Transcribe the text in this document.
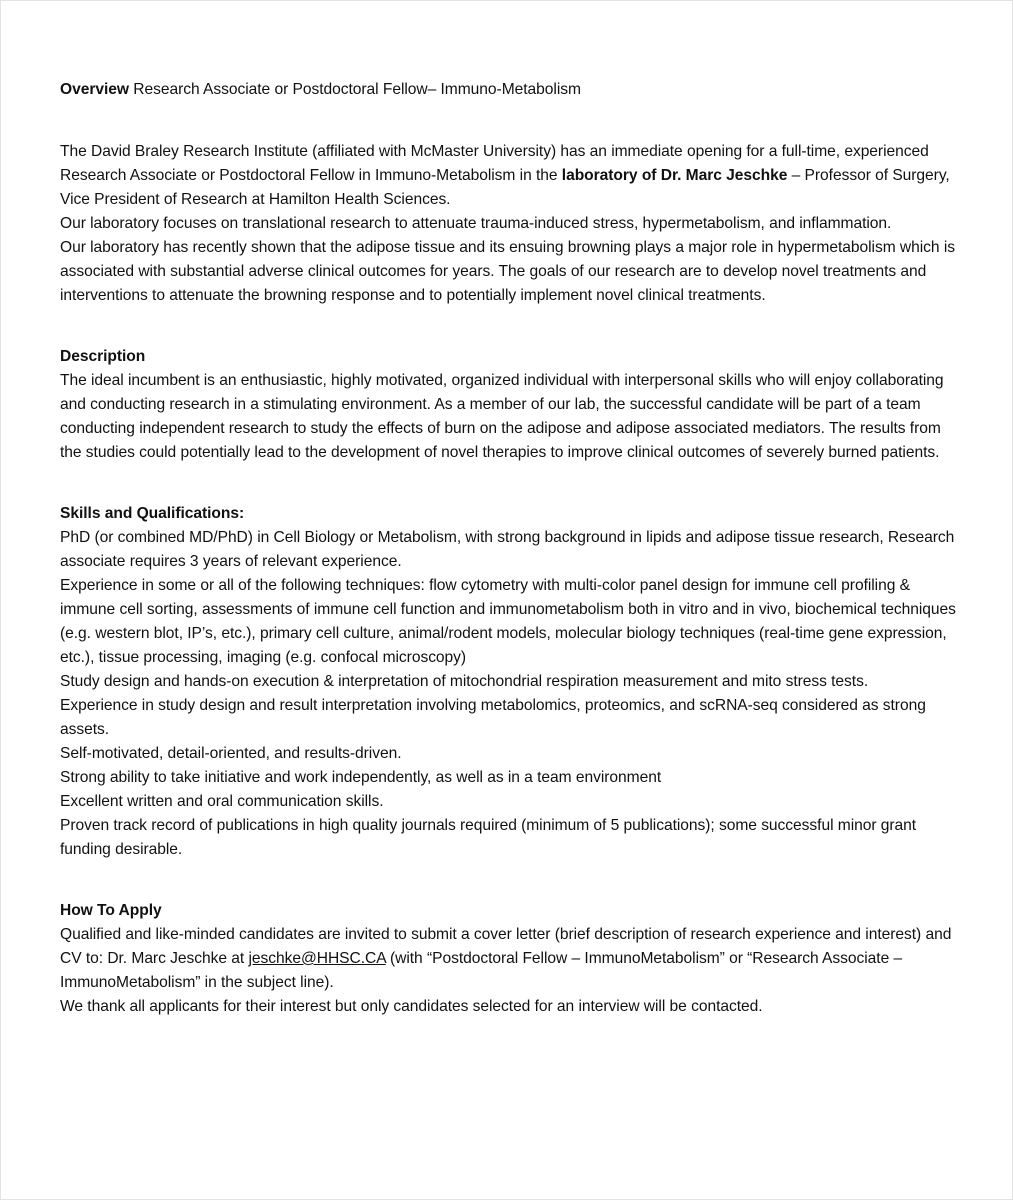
Overview Research Associate or Postdoctoral Fellow– Immuno-Metabolism

The David Braley Research Institute (affiliated with McMaster University) has an immediate opening for a full-time, experienced Research Associate or Postdoctoral Fellow in Immuno-Metabolism in the laboratory of Dr. Marc Jeschke – Professor of Surgery, Vice President of Research at Hamilton Health Sciences.

Our laboratory focuses on translational research to attenuate trauma-induced stress, hypermetabolism, and inflammation.

Our laboratory has recently shown that the adipose tissue and its ensuing browning plays a major role in hypermetabolism which is associated with substantial adverse clinical outcomes for years. The goals of our research are to develop novel treatments and interventions to attenuate the browning response and to potentially implement novel clinical treatments.

Description

The ideal incumbent is an enthusiastic, highly motivated, organized individual with interpersonal skills who will enjoy collaborating and conducting research in a stimulating environment. As a member of our lab, the successful candidate will be part of a team conducting independent research to study the effects of burn on the adipose and adipose associated mediators. The results from the studies could potentially lead to the development of novel therapies to improve clinical outcomes of severely burned patients.

Skills and Qualifications:

PhD (or combined MD/PhD) in Cell Biology or Metabolism, with strong background in lipids and adipose tissue research, Research associate requires 3 years of relevant experience.

Experience in some or all of the following techniques: flow cytometry with multi-color panel design for immune cell profiling & immune cell sorting, assessments of immune cell function and immunometabolism both in vitro and in vivo, biochemical techniques (e.g. western blot, IP’s, etc.), primary cell culture, animal/rodent models, molecular biology techniques (real-time gene expression, etc.), tissue processing, imaging (e.g. confocal microscopy)

Study design and hands-on execution & interpretation of mitochondrial respiration measurement and mito stress tests.

Experience in study design and result interpretation involving metabolomics, proteomics, and scRNA-seq considered as strong assets.

Self-motivated, detail-oriented, and results-driven.

Strong ability to take initiative and work independently, as well as in a team environment

Excellent written and oral communication skills.

Proven track record of publications in high quality journals required (minimum of 5 publications); some successful minor grant funding desirable.

How To Apply

Qualified and like-minded candidates are invited to submit a cover letter (brief description of research experience and interest) and CV to: Dr. Marc Jeschke at jeschke@HHSC.CA (with “Postdoctoral Fellow – ImmunoMetabolism” or “Research Associate – ImmunoMetabolism” in the subject line).

We thank all applicants for their interest but only candidates selected for an interview will be contacted.
